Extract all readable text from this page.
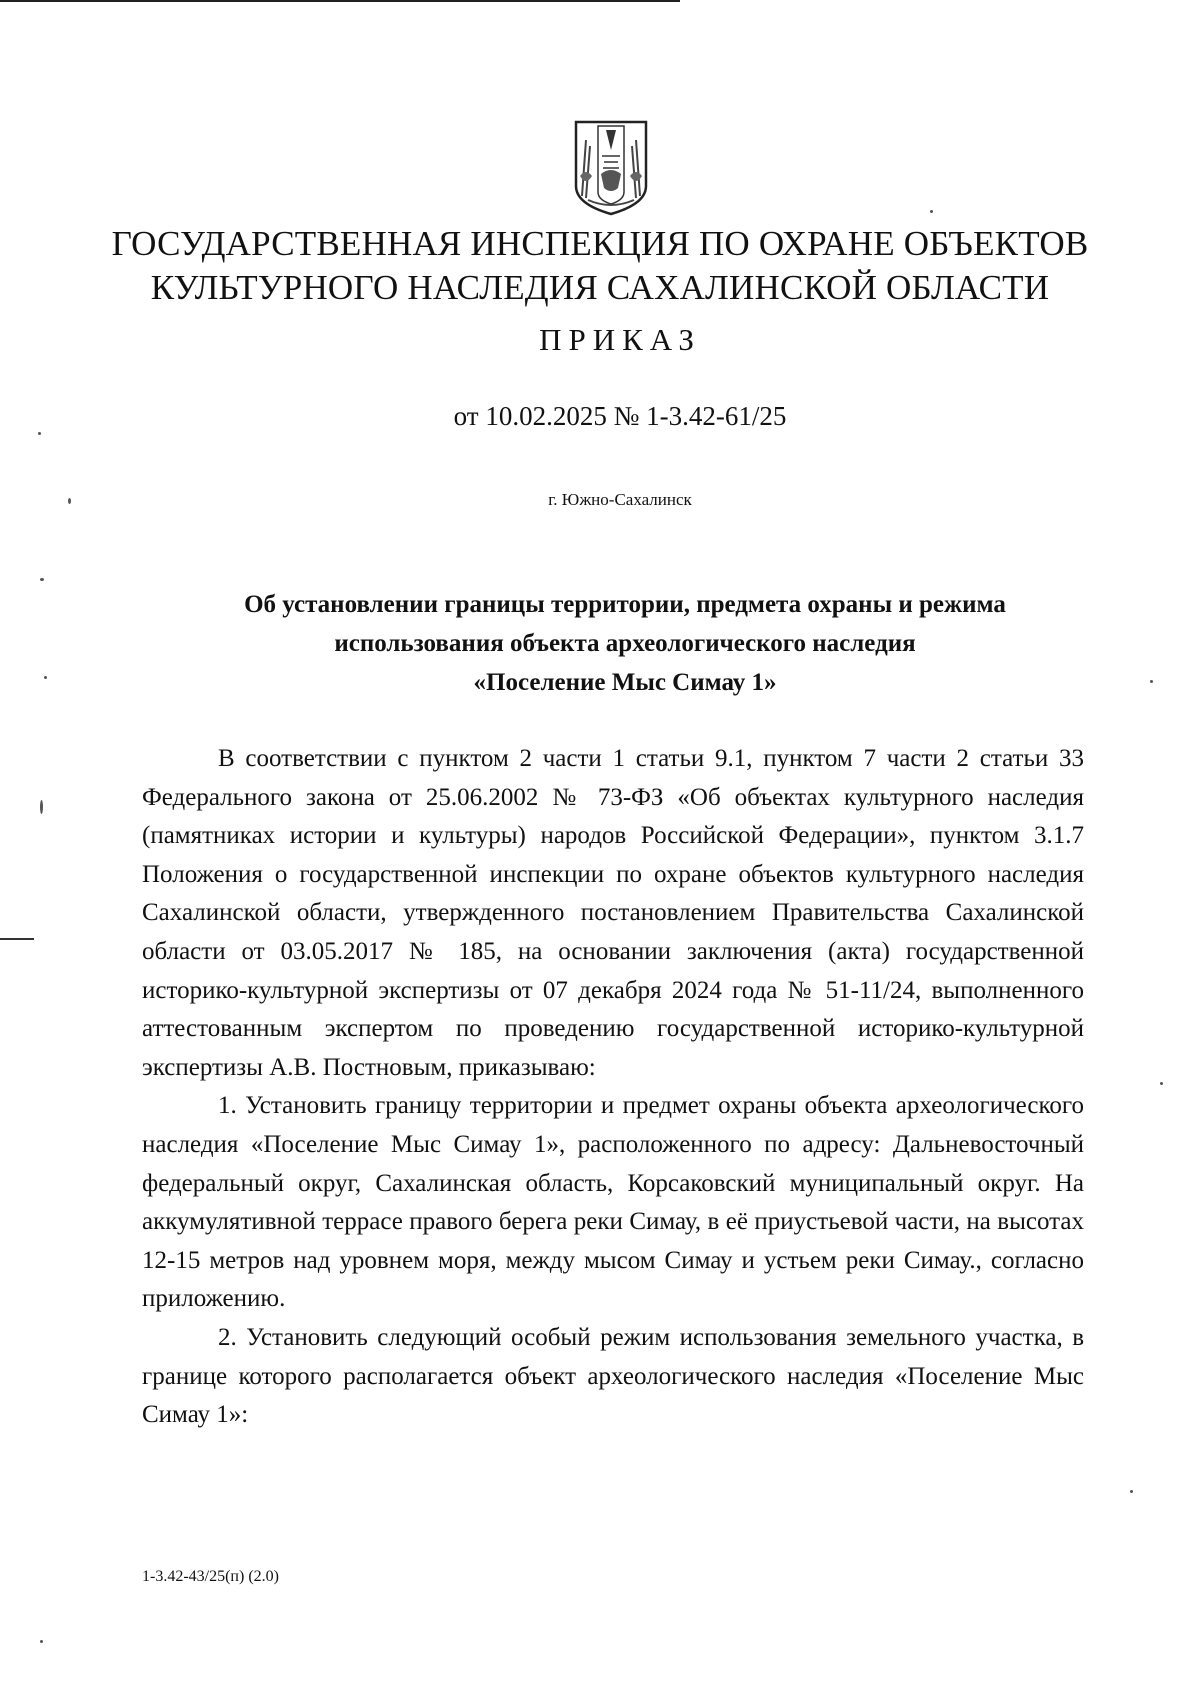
ГОСУДАРСТВЕННАЯ ИНСПЕКЦИЯ ПО ОХРАНЕ ОБЪЕКТОВ
КУЛЬТУРНОГО НАСЛЕДИЯ САХАЛИНСКОЙ ОБЛАСТИ
ПРИКАЗ
от 10.02.2025 № 1-3.42-61/25
г. Южно-Сахалинск
Об установлении границы территории, предмета охраны и режима
использования объекта археологического наследия
«Поселение Мыс Симау 1»

В соответствии с пунктом 2 части 1 статьи 9.1, пунктом 7 части 2 статьи 33 Федерального закона от 25.06.2002 № 73-ФЗ «Об объектах культурного наследия (памятниках истории и культуры) народов Российской Федерации», пунктом 3.1.7 Положения о государственной инспекции по охране объектов культурного наследия Сахалинской области, утвержденного постановлением Правительства Сахалинской области от 03.05.2017 № 185, на основании заключения (акта) государственной историко-культурной экспертизы от 07 декабря 2024 года № 51-11/24, выполненного аттестованным экспертом по проведению государственной историко-культурной экспертизы А.В. Постновым, приказываю:

1. Установить границу территории и предмет охраны объекта археологического наследия «Поселение Мыс Симау 1», расположенного по адресу: Дальневосточный федеральный округ, Сахалинская область, Корсаковский муниципальный округ. На аккумулятивной террасе правого берега реки Симау, в её приустьевой части, на высотах 12-15 метров над уровнем моря, между мысом Симау и устьем реки Симау., согласно приложению.

2. Установить следующий особый режим использования земельного участка, в границе которого располагается объект археологического наследия «Поселение Мыс Симау 1»:

1-3.42-43/25(п) (2.0)
